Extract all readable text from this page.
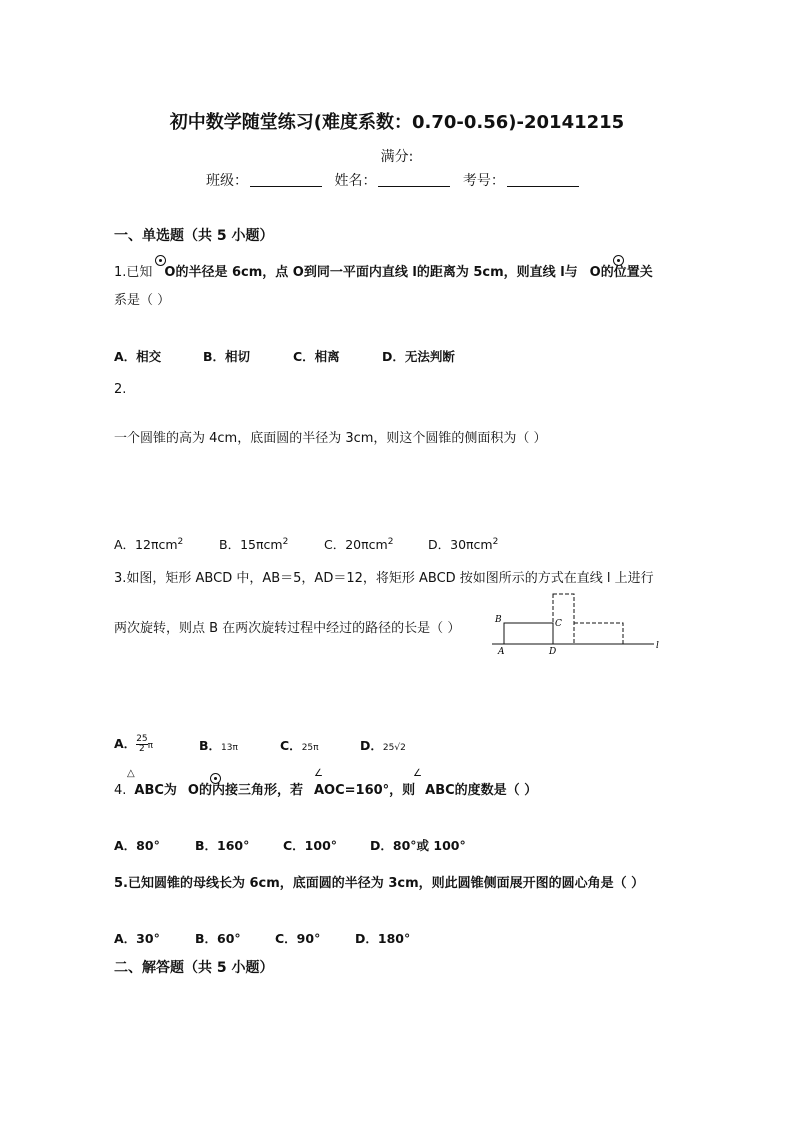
初中数学随堂练习(难度系数：0.70-0.56)-20141215
满分:
班级：	姓名：	考号：
一、单选题（共 5 小题）

1.已知 O的半径是 6cm，点 O到同一平面内直线 l的距离为 5cm，则直线 l与 O的位置关
系是（ ）
A．相交	B．相切	C．相离	D．无法判断
2.
一个圆锥的高为 4cm，底面圆的半径为 3cm，则这个圆锥的侧面积为（ ）
A．12πcm$^2$	B．15πcm$^2$	C．20πcm$^2$	D．30πcm$^2$
3.如图，矩形 ABCD 中，AB＝5，AD＝12，将矩形 ABCD 按如图所示的方式在直线 l 上进行
两次旋转，则点 B 在两次旋转过程中经过的路径的长是（ ）
B	C
A	D
l
A． $\frac{25}{2}$ π	B．13π	C．25π	D．25√2
△	∠	∠
4. ABC为 O的内接三角形，若 AOC=160°，则 ABC的度数是（ ）
A．80°	B．160°	C．100°	D．80°或 100°
5.已知圆锥的母线长为 6cm，底面圆的半径为 3cm，则此圆锥侧面展开图的圆心角是（ ）
A．30°	B．60°	C．90°	D．180°
二、解答题（共 5 小题）
